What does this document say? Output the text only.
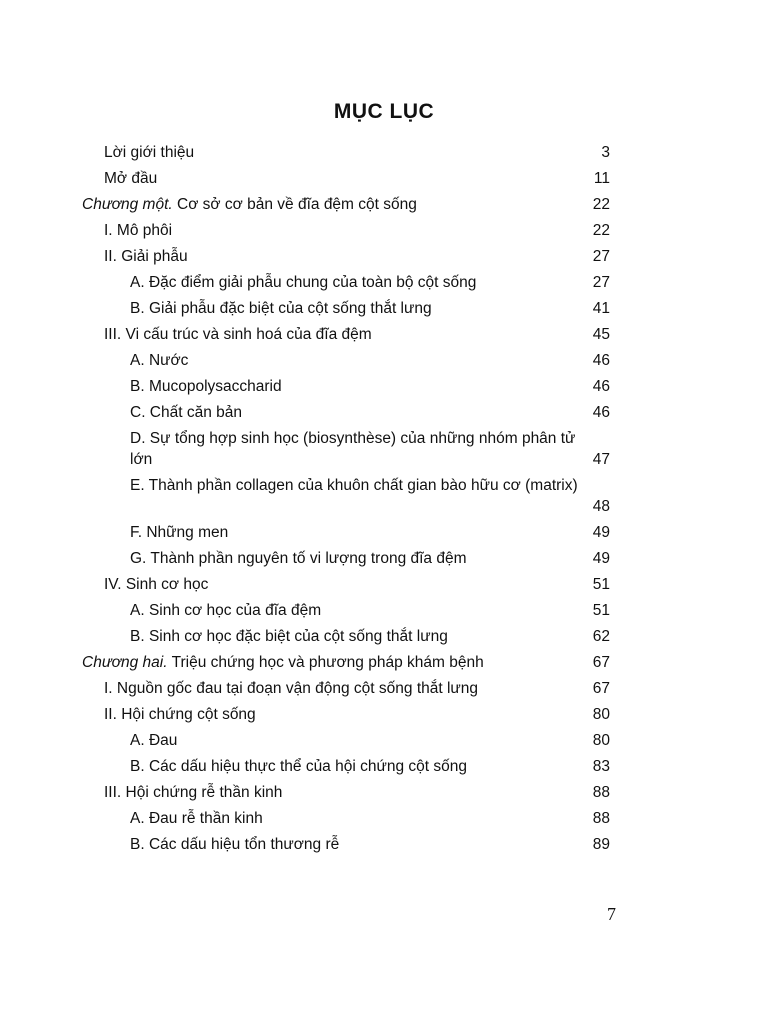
MỤC LỤC
Lời giới thiệu	3
Mở đầu	11
Chương một. Cơ sở cơ bản về đĩa đệm cột sống	22
I. Mô phôi	22
II. Giải phẫu	27
A. Đặc điểm giải phẫu chung của toàn bộ cột sống	27
B. Giải phẫu đặc biệt của cột sống thắt lưng	41
III. Vi cấu trúc và sinh hoá của đĩa đệm	45
A. Nước	46
B. Mucopolysaccharid	46
C. Chất căn bản	46
D. Sự tổng hợp sinh học (biosynthèse) của những nhóm phân tử lớn	47
E. Thành phần collagen của khuôn chất gian bào hữu cơ (matrix)
48
F. Những men	49
G. Thành phần nguyên tố vi lượng trong đĩa đệm	49
IV. Sinh cơ học	51
A. Sinh cơ học của đĩa đệm	51
B. Sinh cơ học đặc biệt của cột sống thắt lưng	62
Chương hai. Triệu chứng học và phương pháp khám bệnh	67
I. Nguồn gốc đau tại đoạn vận động cột sống thắt lưng	67
II. Hội chứng cột sống	80
A. Đau	80
B. Các dấu hiệu thực thể của hội chứng cột sống	83
III. Hội chứng rễ thần kinh	88
A. Đau rễ thần kinh	88
B. Các dấu hiệu tổn thương rễ	89
7
